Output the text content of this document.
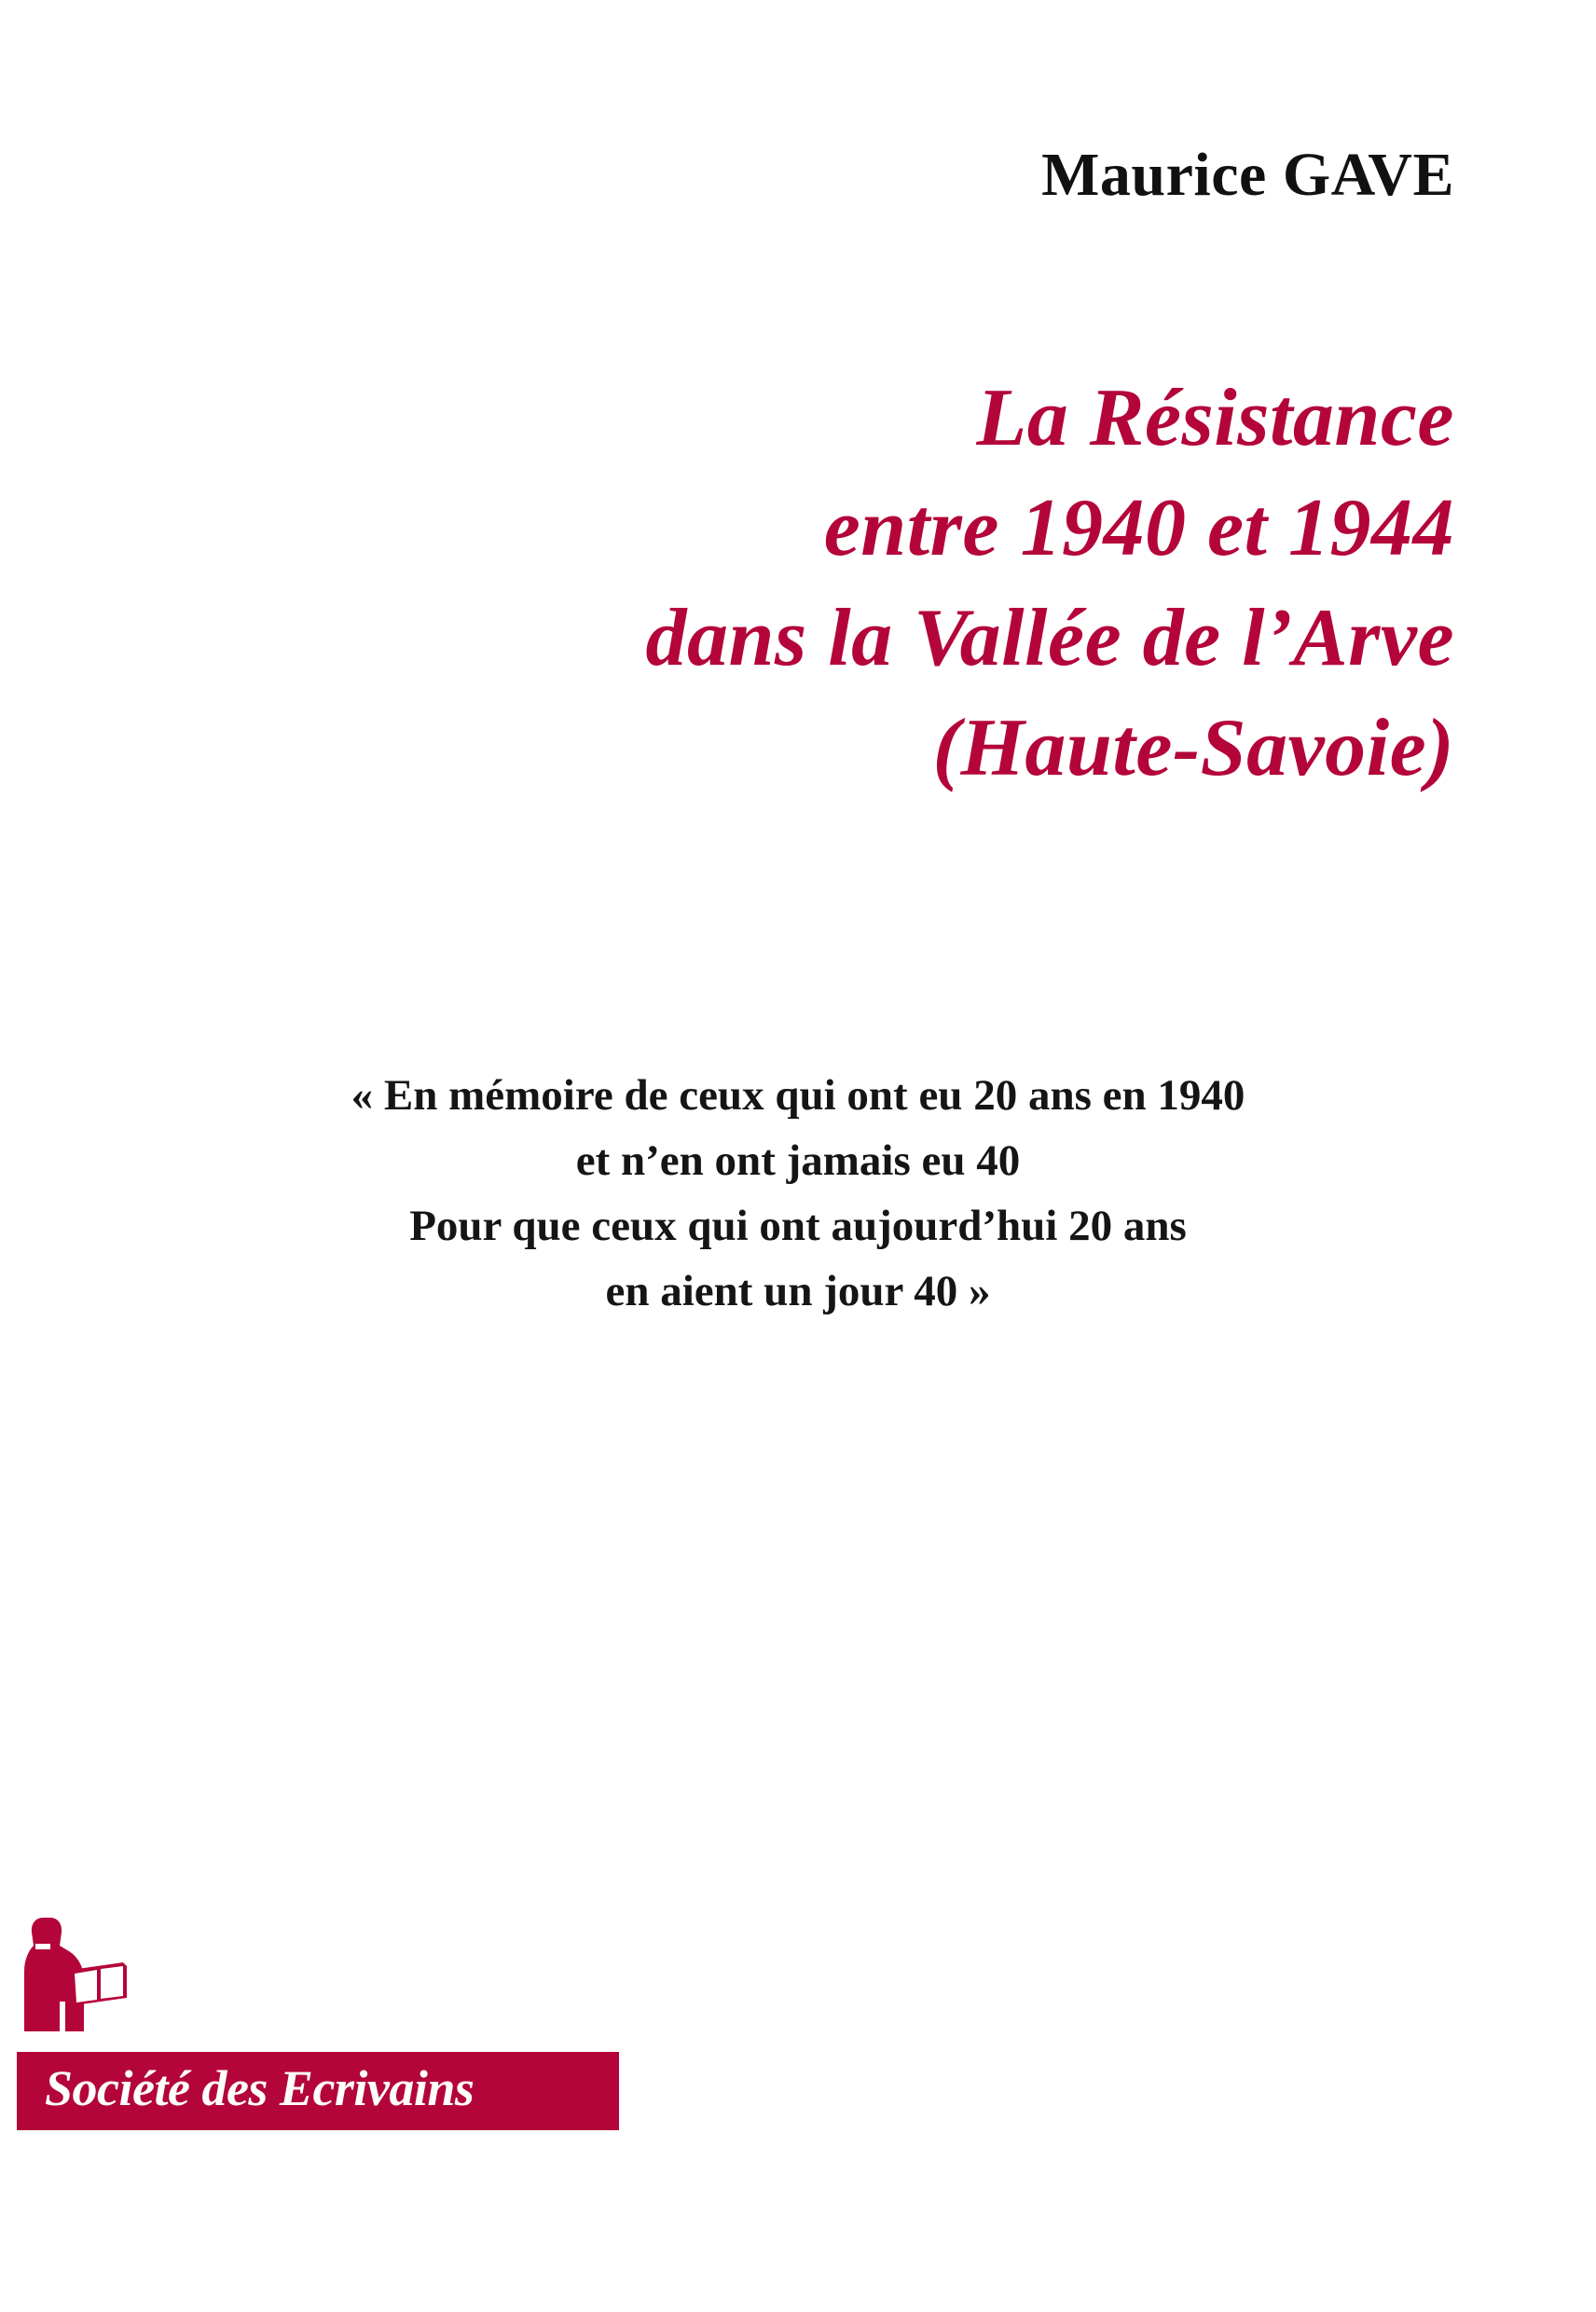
Maurice GAVE
La Résistance
entre 1940 et 1944
dans la Vallée de l’Arve
(Haute-Savoie)
« En mémoire de ceux qui ont eu 20 ans en 1940
et n’en ont jamais eu 40
Pour que ceux qui ont aujourd’hui 20 ans
en aient un jour 40 »
Société des Ecrivains
